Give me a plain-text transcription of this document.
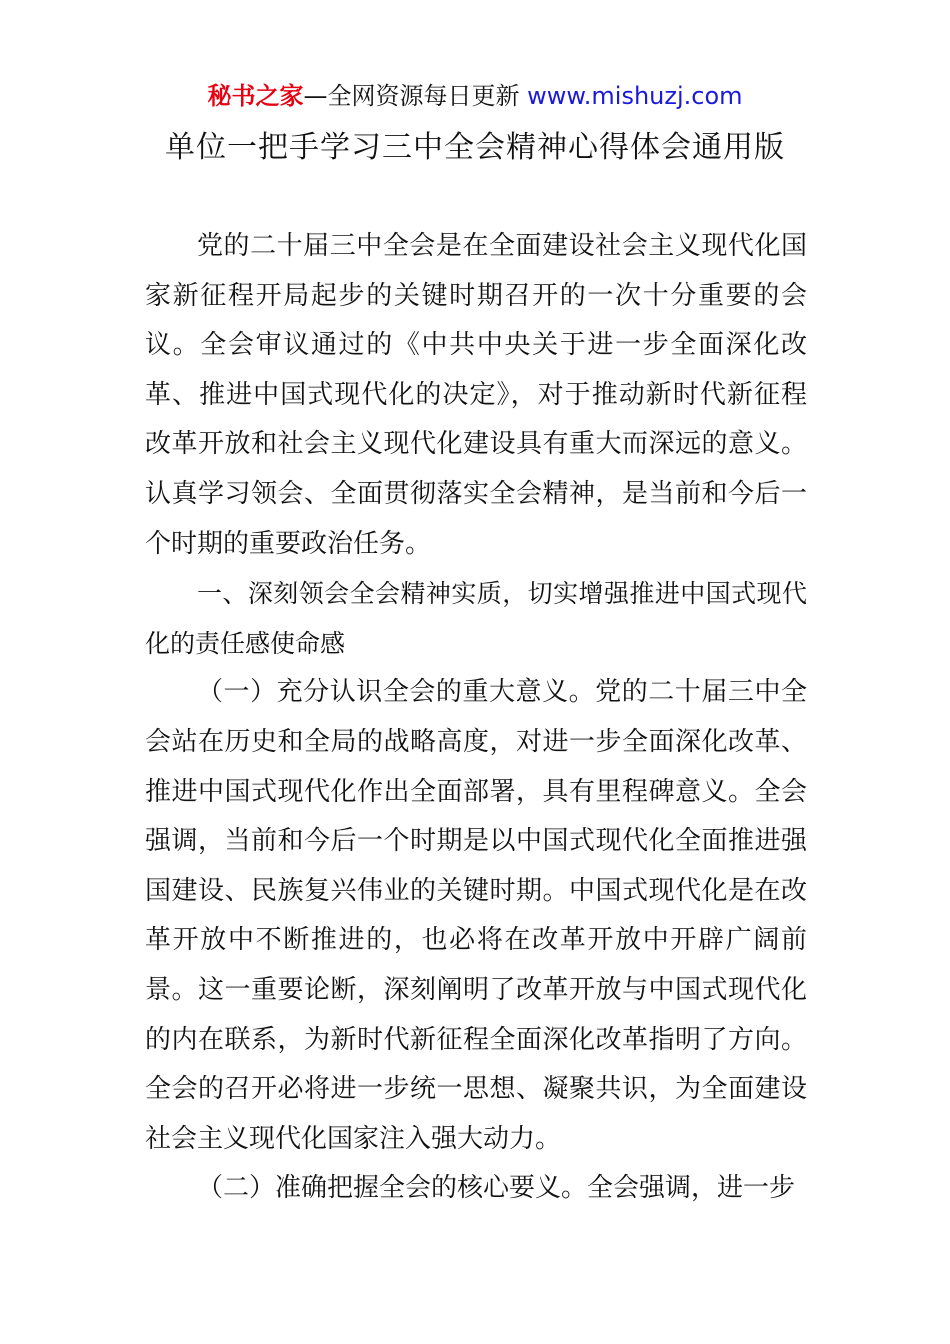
秘书之家—全网资源每日更新 www.mishuzj.com
单位一把手学习三中全会精神心得体会通用版

党的二十届三中全会是在全面建设社会主义现代化国家新征程开局起步的关键时期召开的一次十分重要的会议。全会审议通过的《中共中央关于进一步全面深化改革、推进中国式现代化的决定》，对于推动新时代新征程改革开放和社会主义现代化建设具有重大而深远的意义。认真学习领会、全面贯彻落实全会精神，是当前和今后一个时期的重要政治任务。

一、深刻领会全会精神实质，切实增强推进中国式现代化的责任感使命感

（一）充分认识全会的重大意义。党的二十届三中全会站在历史和全局的战略高度，对进一步全面深化改革、推进中国式现代化作出全面部署，具有里程碑意义。全会强调，当前和今后一个时期是以中国式现代化全面推进强国建设、民族复兴伟业的关键时期。中国式现代化是在改革开放中不断推进的，也必将在改革开放中开辟广阔前景。这一重要论断，深刻阐明了改革开放与中国式现代化的内在联系，为新时代新征程全面深化改革指明了方向。全会的召开必将进一步统一思想、凝聚共识，为全面建设社会主义现代化国家注入强大动力。

（二）准确把握全会的核心要义。全会强调，进一步
